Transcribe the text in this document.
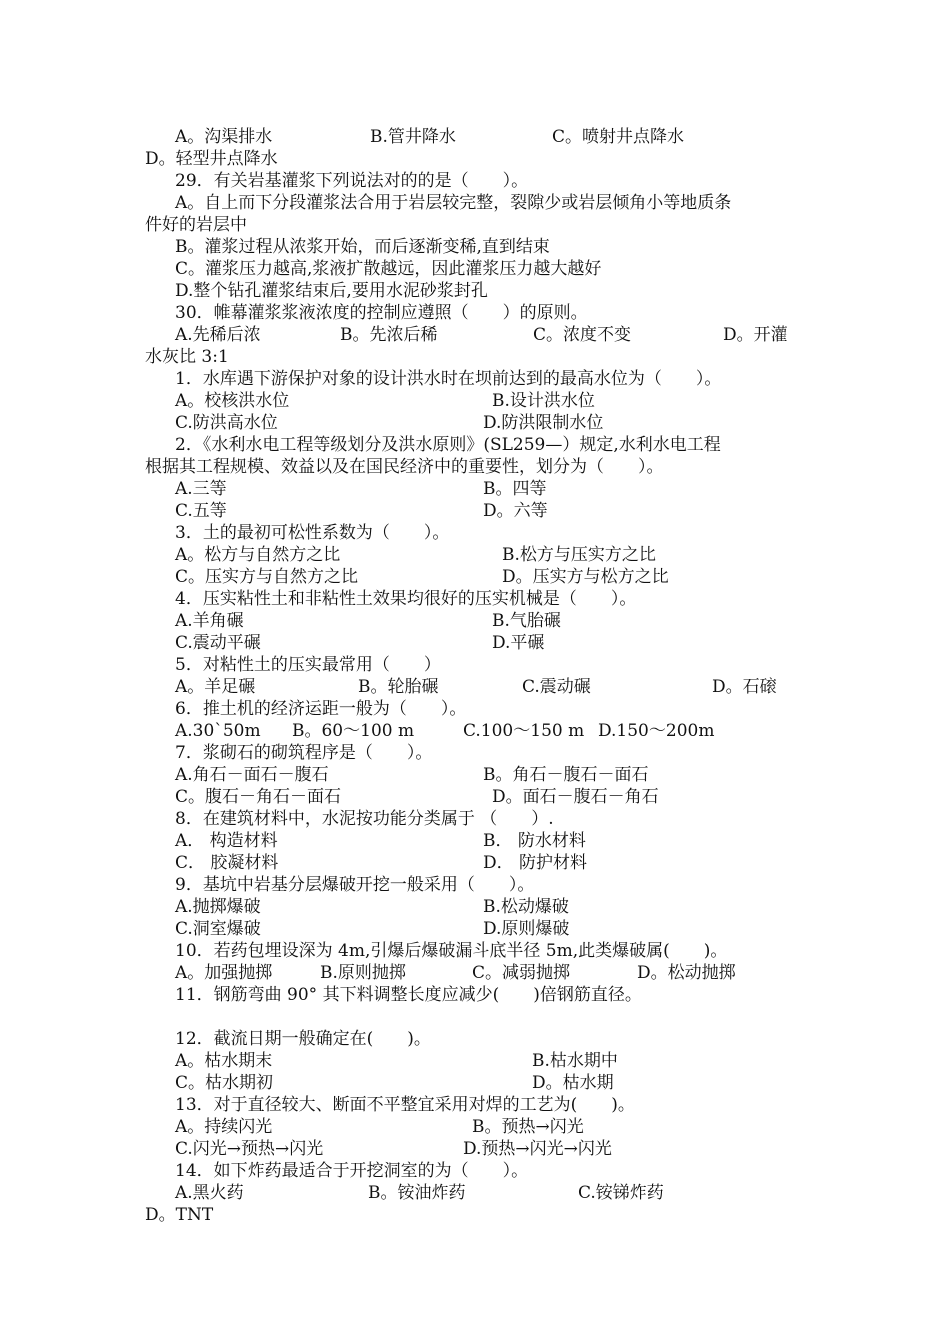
A。沟渠排水	B.管井降水	C。喷射井点降水
D。轻型井点降水
29．有关岩基灌浆下列说法对的的是（　　）。
A。自上而下分段灌浆法合用于岩层较完整，裂隙少或岩层倾角小等地质条
件好的岩层中
B。灌浆过程从浓浆开始，而后逐渐变稀,直到结束
C。灌浆压力越高,浆液扩散越远，因此灌浆压力越大越好
D.整个钻孔灌浆结束后,要用水泥砂浆封孔
30．帷幕灌浆浆液浓度的控制应遵照（　　）的原则。
A.先稀后浓	B。先浓后稀	C。浓度不变	D。开灌
水灰比 3:1
1．水库遇下游保护对象的设计洪水时在坝前达到的最高水位为（　　）。
A。校核洪水位	B.设计洪水位
C.防洪高水位	D.防洪限制水位
2．《水利水电工程等级划分及洪水原则》(SL259—）规定,水利水电工程
根据其工程规模、效益以及在国民经济中的重要性，划分为（　　）。
A.三等	B。四等
C.五等	D。六等
3．土的最初可松性系数为（　　）。
A。松方与自然方之比	B.松方与压实方之比
C。压实方与自然方之比	D。压实方与松方之比
4．压实粘性土和非粘性土效果均很好的压实机械是（　　）。
A.羊角碾	B.气胎碾
C.震动平碾	D.平碾
5．对粘性土的压实最常用（　　）
A。羊足碾	B。轮胎碾	C.震动碾	D。石磙
6．推土机的经济运距一般为（　　）。
A.30`50m B。60～100 m	C.100～150 m D.150～200m
7．浆砌石的砌筑程序是（　　）。
A.角石－面石－腹石	B。角石－腹石－面石
C。腹石－角石－面石	D。面石－腹石－角石
8．在建筑材料中，水泥按功能分类属于 （　　）.
A． 构造材料	B． 防水材料
C． 胶凝材料	D． 防护材料
9．基坑中岩基分层爆破开挖一般采用（　　）。
A.抛掷爆破	B.松动爆破
C.洞室爆破	D.原则爆破
10．若药包埋设深为 4m,引爆后爆破漏斗底半径 5m,此类爆破属(　　)。
A。加强抛掷	B.原则抛掷	C。减弱抛掷	D。松动抛掷
11．钢筋弯曲 90° 其下料调整长度应减少(　　)倍钢筋直径。
12．截流日期一般确定在(　　)。
A。枯水期末	B.枯水期中
C。枯水期初	D。枯水期
13．对于直径较大、断面不平整宜采用对焊的工艺为(　　)。
A。持续闪光	B。预热→闪光
C.闪光→预热→闪光	D.预热→闪光→闪光
14．如下炸药最适合于开挖洞室的为（　　）。
A.黑火药	B。铵油炸药	C.铵锑炸药
D。TNT
